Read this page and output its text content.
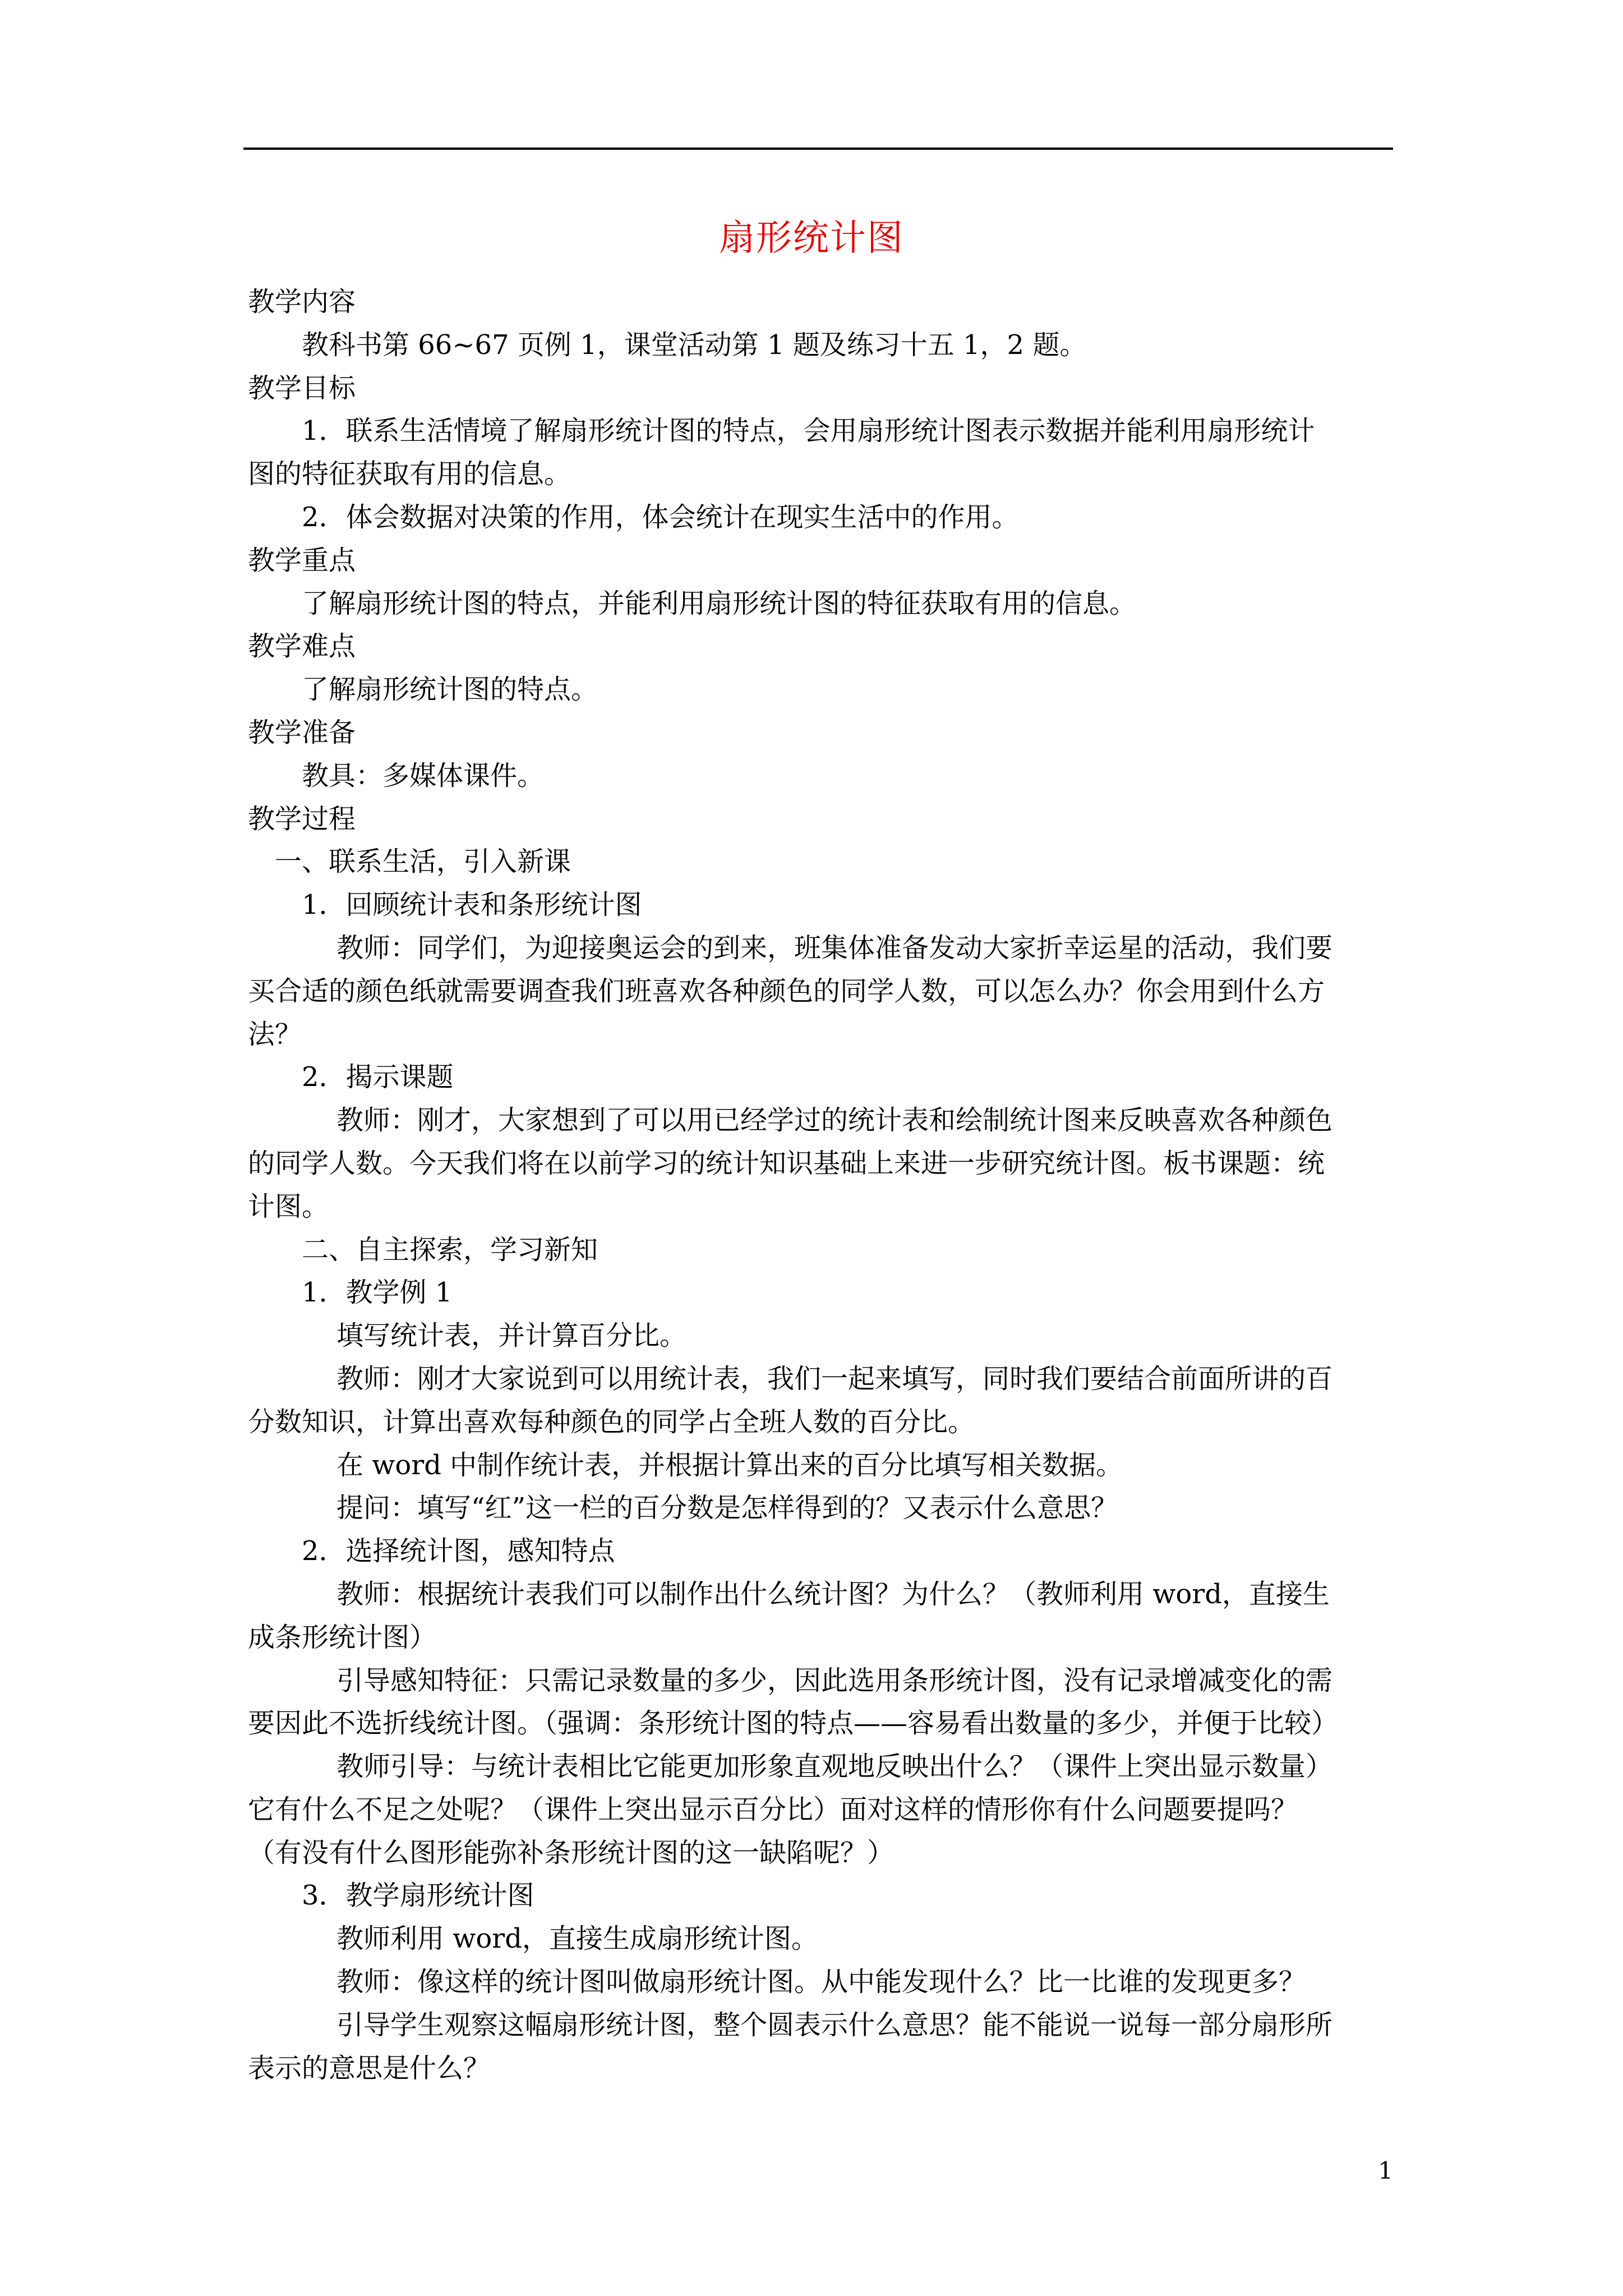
扇形统计图
教学内容
教科书第 66~67 页例 1，课堂活动第 1 题及练习十五 1，2 题。
教学目标
1．联系生活情境了解扇形统计图的特点，会用扇形统计图表示数据并能利用扇形统计
图的特征获取有用的信息。
2．体会数据对决策的作用，体会统计在现实生活中的作用。
教学重点
了解扇形统计图的特点，并能利用扇形统计图的特征获取有用的信息。
教学难点
了解扇形统计图的特点。
教学准备
教具：多媒体课件。
教学过程
一、联系生活，引入新课
1．回顾统计表和条形统计图
教师：同学们，为迎接奥运会的到来，班集体准备发动大家折幸运星的活动，我们要
买合适的颜色纸就需要调查我们班喜欢各种颜色的同学人数，可以怎么办？你会用到什么方
法？
2．揭示课题
教师：刚才，大家想到了可以用已经学过的统计表和绘制统计图来反映喜欢各种颜色
的同学人数。今天我们将在以前学习的统计知识基础上来进一步研究统计图。板书课题：统
计图。
二、自主探索，学习新知
1．教学例 1
填写统计表，并计算百分比。
教师：刚才大家说到可以用统计表，我们一起来填写，同时我们要结合前面所讲的百
分数知识，计算出喜欢每种颜色的同学占全班人数的百分比。
在 word 中制作统计表，并根据计算出来的百分比填写相关数据。
提问：填写“红”这一栏的百分数是怎样得到的？又表示什么意思？
2．选择统计图，感知特点
教师：根据统计表我们可以制作出什么统计图？为什么？（教师利用 word，直接生
成条形统计图）
引导感知特征：只需记录数量的多少，因此选用条形统计图，没有记录增减变化的需
要因此不选折线统计图。（强调：条形统计图的特点——容易看出数量的多少，并便于比较）
教师引导：与统计表相比它能更加形象直观地反映出什么？（课件上突出显示数量）
它有什么不足之处呢？（课件上突出显示百分比）面对这样的情形你有什么问题要提吗？
（有没有什么图形能弥补条形统计图的这一缺陷呢？）
3．教学扇形统计图
教师利用 word，直接生成扇形统计图。
教师：像这样的统计图叫做扇形统计图。从中能发现什么？比一比谁的发现更多？
引导学生观察这幅扇形统计图，整个圆表示什么意思？能不能说一说每一部分扇形所
表示的意思是什么？
1
